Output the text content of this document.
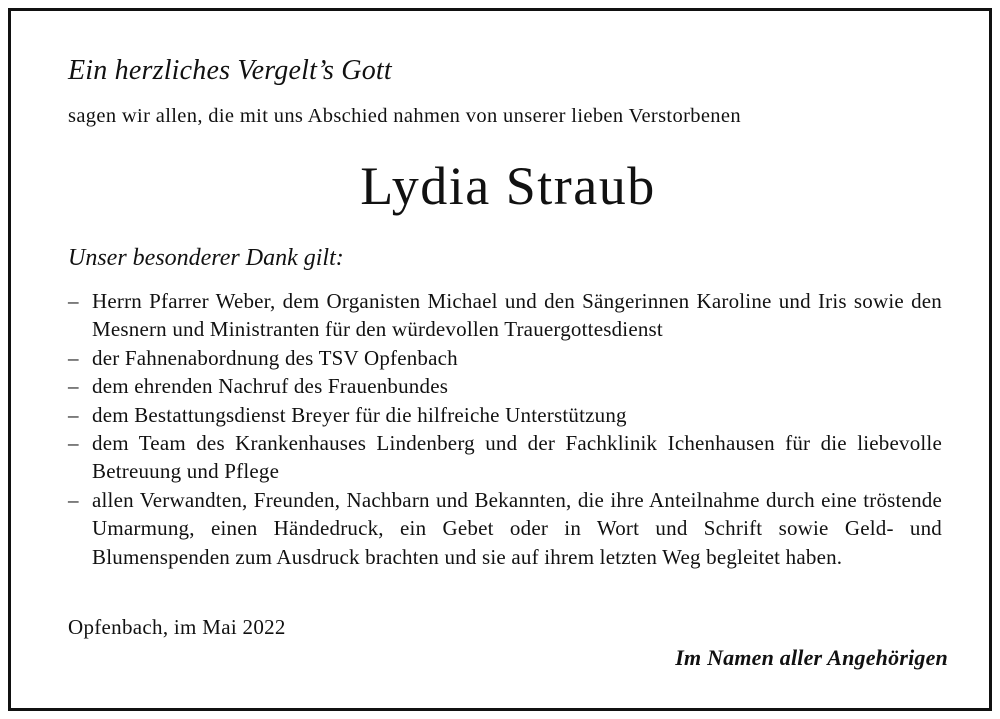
Ein herzliches Vergelt’s Gott
sagen wir allen, die mit uns Abschied nahmen von unserer lieben Verstorbenen
Lydia Straub
Unser besonderer Dank gilt:
– Herrn Pfarrer Weber, dem Organisten Michael und den Sängerinnen Karoline und Iris sowie den Mesnern und Ministranten für den würdevollen Trauergottesdienst
– der Fahnenabordnung des TSV Opfenbach
– dem ehrenden Nachruf des Frauenbundes
– dem Bestattungsdienst Breyer für die hilfreiche Unterstützung
– dem Team des Krankenhauses Lindenberg und der Fachklinik Ichenhausen für die liebevolle Betreuung und Pflege
– allen Verwandten, Freunden, Nachbarn und Bekannten, die ihre Anteilnahme durch eine tröstende Umarmung, einen Händedruck, ein Gebet oder in Wort und Schrift sowie Geld- und Blumenspenden zum Ausdruck brachten und sie auf ihrem letzten Weg begleitet haben.
Opfenbach, im Mai 2022
Im Namen aller Angehörigen
